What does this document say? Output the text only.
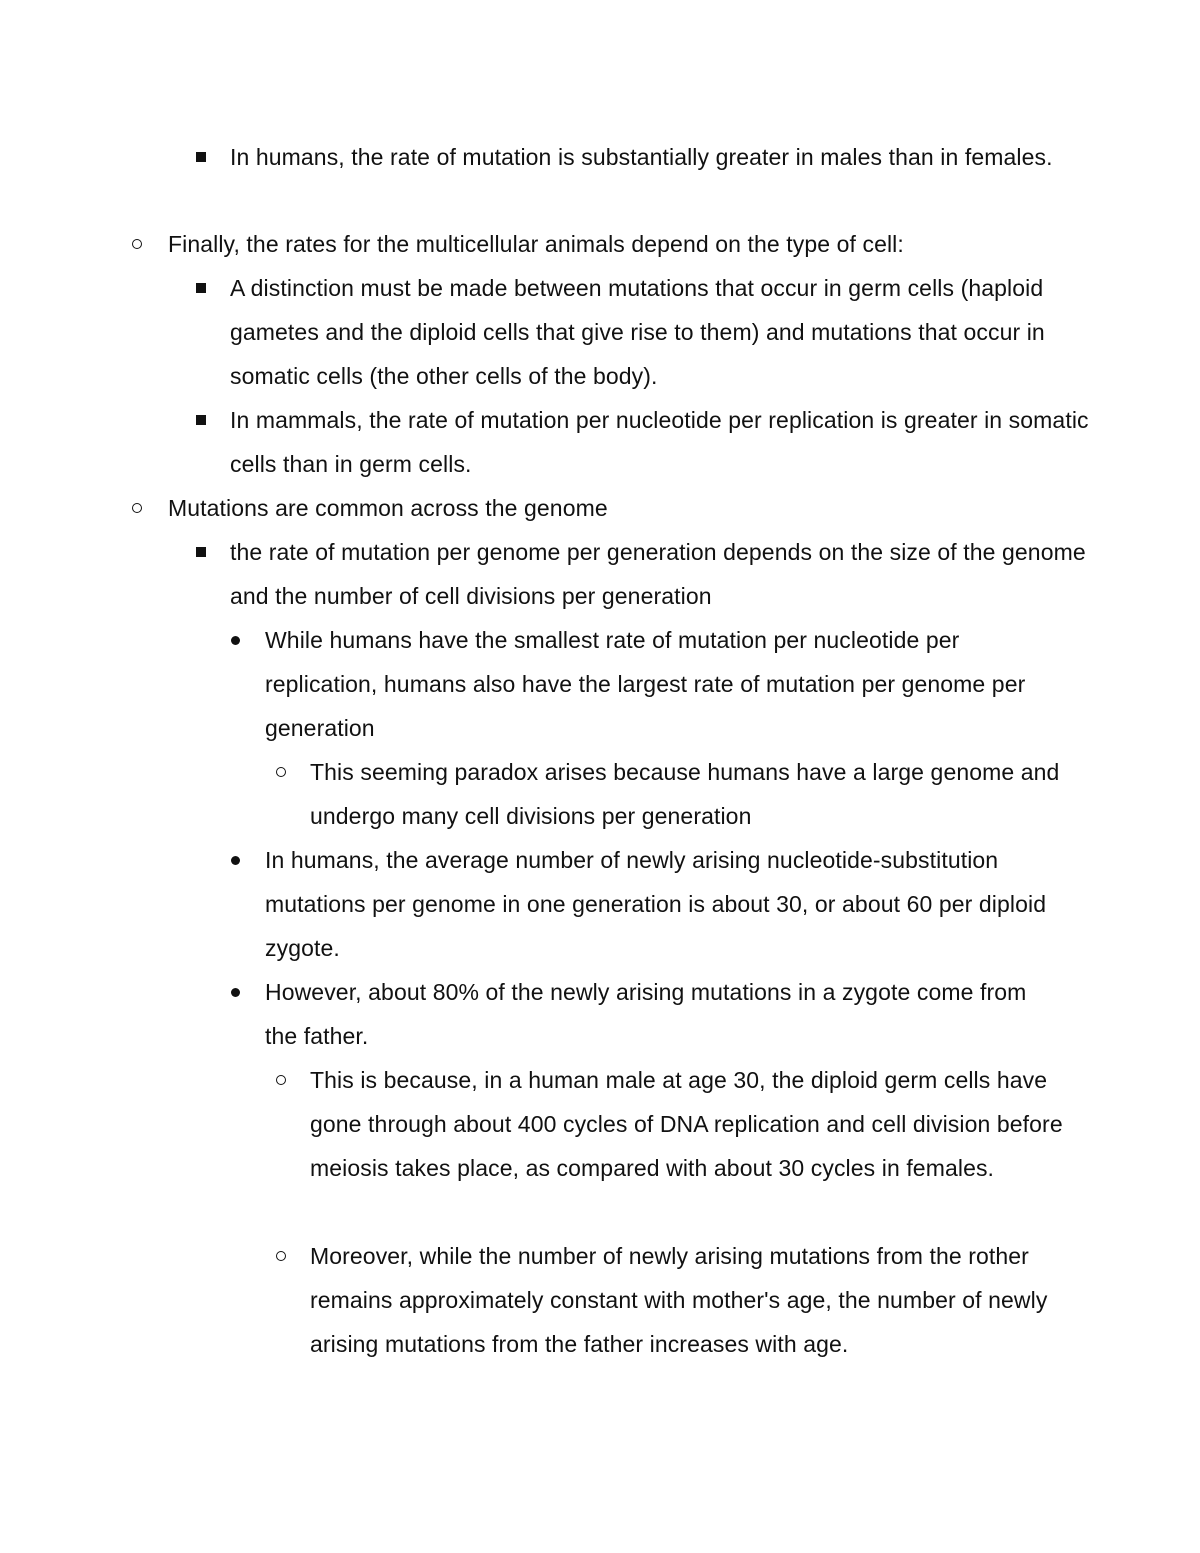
In humans, the rate of mutation is substantially greater in males than in females.
Finally, the rates for the multicellular animals depend on the type of cell:
A distinction must be made between mutations that occur in germ cells (haploid gametes and the diploid cells that give rise to them) and mutations that occur in somatic cells (the other cells of the body).
In mammals, the rate of mutation per nucleotide per replication is greater in somatic cells than in germ cells.
Mutations are common across the genome
the rate of mutation per genome per generation depends on the size of the genome and the number of cell divisions per generation
While humans have the smallest rate of mutation per nucleotide per replication, humans also have the largest rate of mutation per genome per generation
This seeming paradox arises because humans have a large genome and undergo many cell divisions per generation
In humans, the average number of newly arising nucleotide-substitution mutations per genome in one generation is about 30, or about 60 per diploid zygote.
However, about 80% of the newly arising mutations in a zygote come from the father.
This is because, in a human male at age 30, the diploid germ cells have gone through about 400 cycles of DNA replication and cell division before meiosis takes place, as compared with about 30 cycles in females.
Moreover, while the number of newly arising mutations from the rother remains approximately constant with mother's age, the number of newly arising mutations from the father increases with age.
